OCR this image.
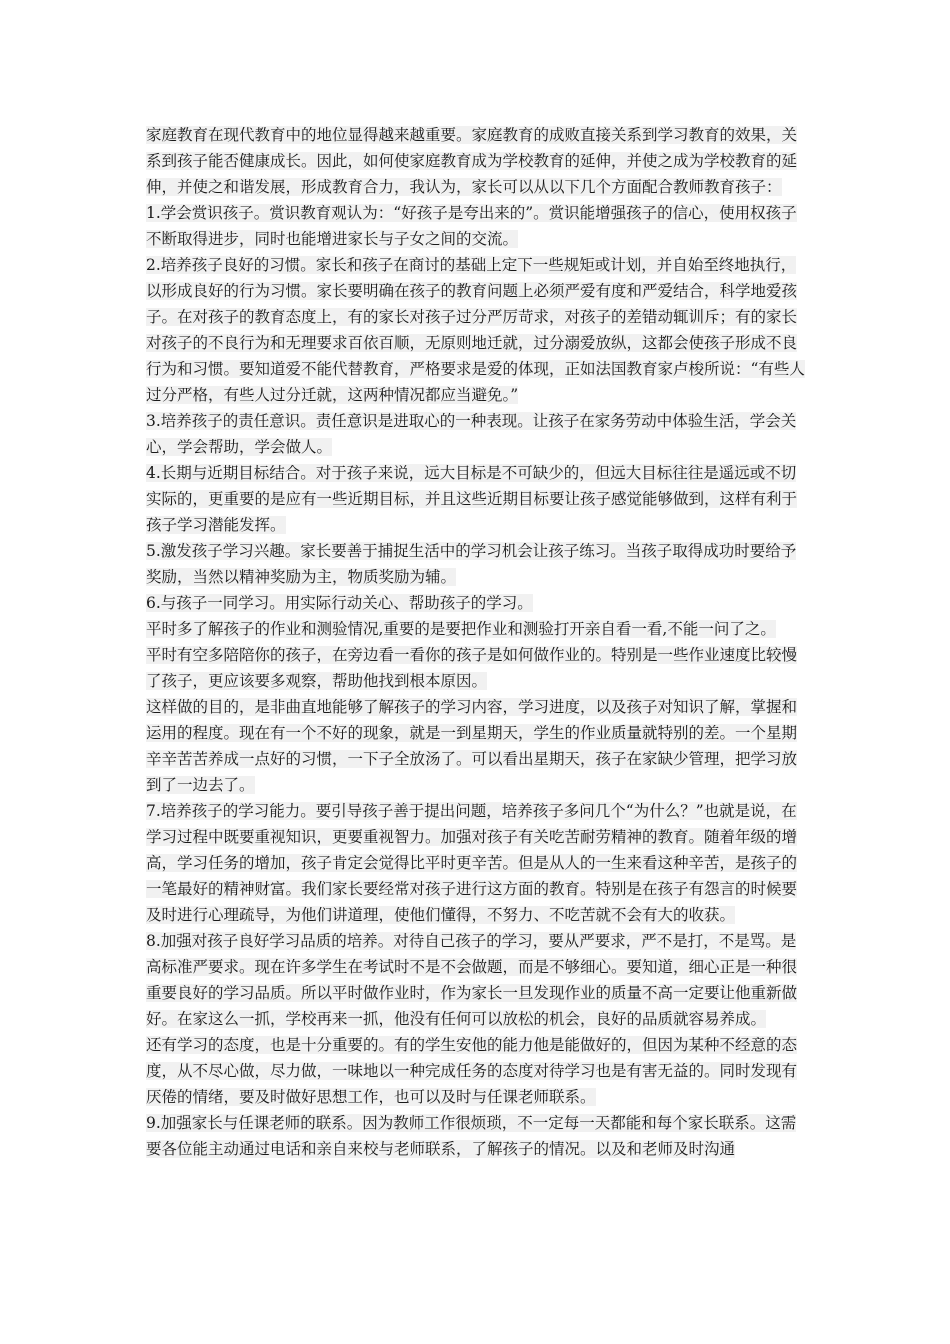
家庭教育在现代教育中的地位显得越来越重要。家庭教育的成败直接关系到学习教育的效果，关系到孩子能否健康成长。因此，如何使家庭教育成为学校教育的延伸，并使之成为学校教育的延伸，并使之和谐发展，形成教育合力，我认为，家长可以从以下几个方面配合教师教育孩子：

1.学会赏识孩子。赏识教育观认为：“好孩子是夸出来的”。赏识能增强孩子的信心，使用权孩子不断取得进步，同时也能增进家长与子女之间的交流。

2.培养孩子良好的习惯。家长和孩子在商讨的基础上定下一些规矩或计划，并自始至终地执行，以形成良好的行为习惯。家长要明确在孩子的教育问题上必须严爱有度和严爱结合，科学地爱孩子。在对孩子的教育态度上，有的家长对孩子过分严厉苛求，对孩子的差错动辄训斥；有的家长对孩子的不良行为和无理要求百依百顺，无原则地迁就，过分溺爱放纵，这都会使孩子形成不良行为和习惯。要知道爱不能代替教育，严格要求是爱的体现，正如法国教育家卢梭所说：“有些人过分严格，有些人过分迁就，这两种情况都应当避免。”

3.培养孩子的责任意识。责任意识是进取心的一种表现。让孩子在家务劳动中体验生活，学会关心，学会帮助，学会做人。

4.长期与近期目标结合。对于孩子来说，远大目标是不可缺少的，但远大目标往往是遥远或不切实际的，更重要的是应有一些近期目标，并且这些近期目标要让孩子感觉能够做到，这样有利于孩子学习潜能发挥。

5.激发孩子学习兴趣。家长要善于捕捉生活中的学习机会让孩子练习。当孩子取得成功时要给予奖励，当然以精神奖励为主，物质奖励为辅。

6.与孩子一同学习。用实际行动关心、帮助孩子的学习。

平时多了解孩子的作业和测验情况,重要的是要把作业和测验打开亲自看一看,不能一问了之。

平时有空多陪陪你的孩子，在旁边看一看你的孩子是如何做作业的。特别是一些作业速度比较慢了孩子，更应该要多观察，帮助他找到根本原因。

这样做的目的，是非曲直地能够了解孩子的学习内容，学习进度，以及孩子对知识了解，掌握和运用的程度。现在有一个不好的现象，就是一到星期天，学生的作业质量就特别的差。一个星期辛辛苦苦养成一点好的习惯，一下子全放汤了。可以看出星期天，孩子在家缺少管理，把学习放到了一边去了。

7.培养孩子的学习能力。要引导孩子善于提出问题，培养孩子多问几个“为什么？”也就是说，在学习过程中既要重视知识，更要重视智力。加强对孩子有关吃苦耐劳精神的教育。随着年级的增高，学习任务的增加，孩子肯定会觉得比平时更辛苦。但是从人的一生来看这种辛苦，是孩子的一笔最好的精神财富。我们家长要经常对孩子进行这方面的教育。特别是在孩子有怨言的时候要及时进行心理疏导，为他们讲道理，使他们懂得，不努力、不吃苦就不会有大的收获。

8.加强对孩子良好学习品质的培养。对待自己孩子的学习，要从严要求，严不是打，不是骂。是高标准严要求。现在许多学生在考试时不是不会做题，而是不够细心。要知道，细心正是一种很重要良好的学习品质。所以平时做作业时，作为家长一旦发现作业的质量不高一定要让他重新做好。在家这么一抓，学校再来一抓，他没有任何可以放松的机会，良好的品质就容易养成。

还有学习的态度，也是十分重要的。有的学生安他的能力他是能做好的，但因为某种不经意的态度，从不尽心做，尽力做，一味地以一种完成任务的态度对待学习也是有害无益的。同时发现有厌倦的情绪，要及时做好思想工作，也可以及时与任课老师联系。

9.加强家长与任课老师的联系。因为教师工作很烦琐，不一定每一天都能和每个家长联系。这需要各位能主动通过电话和亲自来校与老师联系，了解孩子的情况。以及和老师及时沟通
